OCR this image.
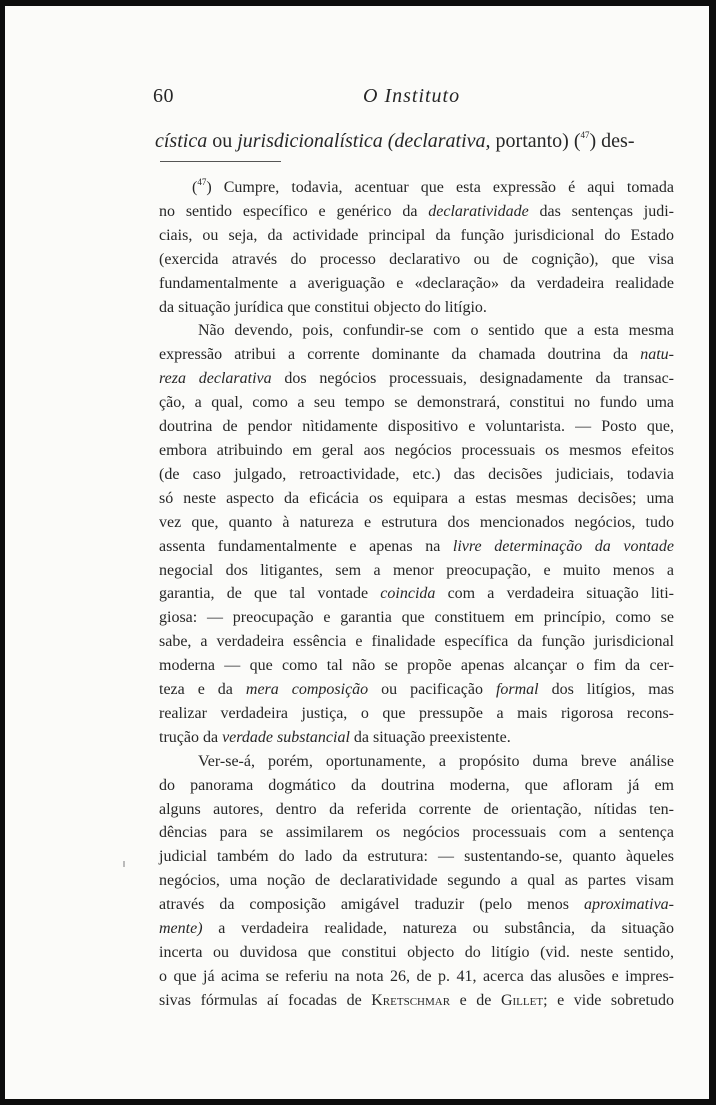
60	O Instituto
cística ou jurisdicionalística (declarativa, portanto) ($^{47}$) des-

($^{47}$) Cumpre, todavia, acentuar que esta expressão é aqui tomada

no sentido específico e genérico da declaratividade das sentenças judi-

ciais, ou seja, da actividade principal da função jurisdicional do Estado

(exercida através do processo declarativo ou de cognição), que visa

fundamentalmente a averiguação e «declaração» da verdadeira realidade

da situação jurídica que constitui objecto do litígio.

Não devendo, pois, confundir-se com o sentido que a esta mesma

expressão atribui a corrente dominante da chamada doutrina da natu-

reza declarativa dos negócios processuais, designadamente da transac-

ção, a qual, como a seu tempo se demonstrará, constitui no fundo uma

doutrina de pendor nìtidamente dispositivo e voluntarista. — Posto que,

embora atribuindo em geral aos negócios processuais os mesmos efeitos

(de caso julgado, retroactividade, etc.) das decisões judiciais, todavia

só neste aspecto da eficácia os equipara a estas mesmas decisões; uma

vez que, quanto à natureza e estrutura dos mencionados negócios, tudo

assenta fundamentalmente e apenas na livre determinação da vontade

negocial dos litigantes, sem a menor preocupação, e muito menos a

garantia, de que tal vontade coincida com a verdadeira situação liti-

giosa: — preocupação e garantia que constituem em princípio, como se

sabe, a verdadeira essência e finalidade específica da função jurisdicional

moderna — que como tal não se propõe apenas alcançar o fim da cer-

teza e da mera composição ou pacificação formal dos litígios, mas

realizar verdadeira justiça, o que pressupõe a mais rigorosa recons-

trução da verdade substancial da situação preexistente.

Ver-se-á, porém, oportunamente, a propósito duma breve análise

do panorama dogmático da doutrina moderna, que afloram já em

alguns autores, dentro da referida corrente de orientação, nítidas ten-

dências para se assimilarem os negócios processuais com a sentença

judicial também do lado da estrutura: — sustentando-se, quanto àqueles

negócios, uma noção de declaratividade segundo a qual as partes visam

através da composição amigável traduzir (pelo menos aproximativa-

mente) a verdadeira realidade, natureza ou substância, da situação

incerta ou duvidosa que constitui objecto do litígio (vid. neste sentido,

o que já acima se referiu na nota 26, de p. 41, acerca das alusões e impres-

sivas fórmulas aí focadas de Kretschmar e de Gillet; e vide sobretudo
